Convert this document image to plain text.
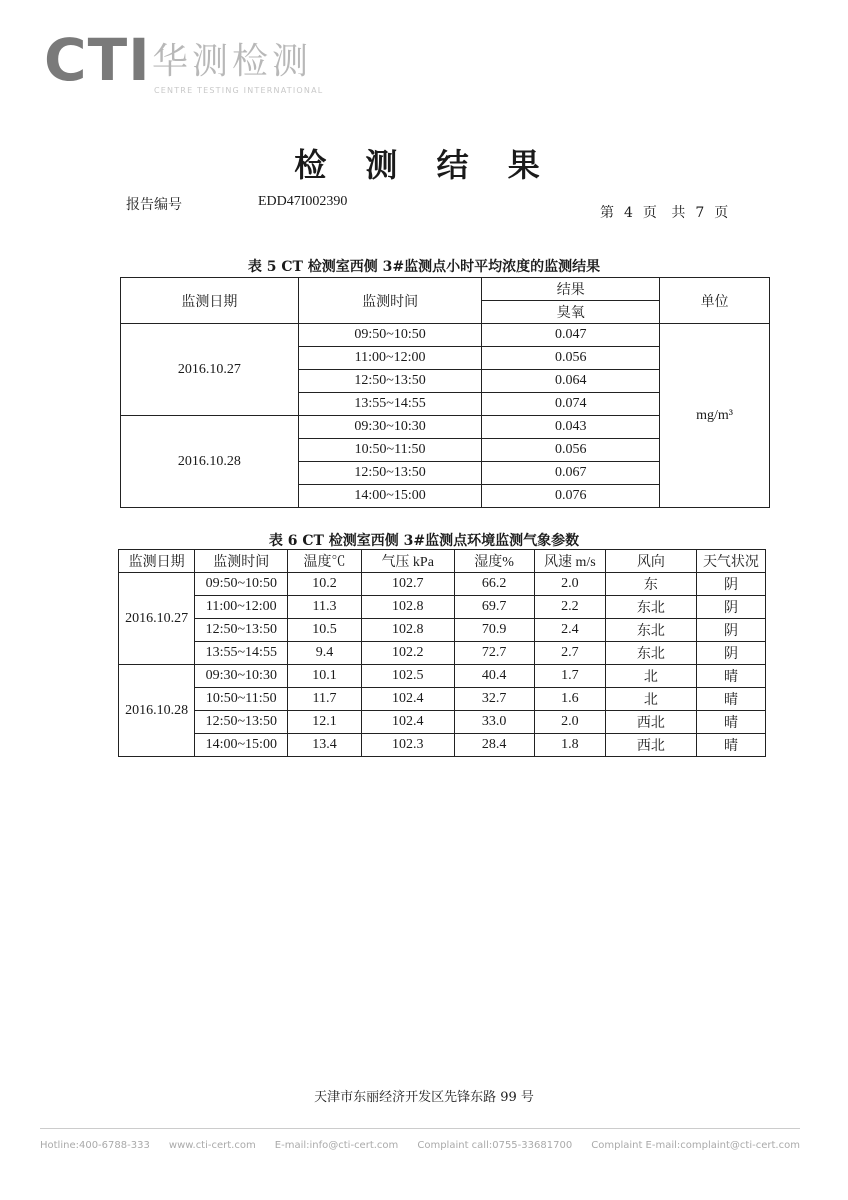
CTI 华测检测
CENTRE TESTING INTERNATIONAL
检 测 结 果
报告编号	EDD47I002390
第 4 页 共 7 页
表 5 CT 检测室西侧 3#监测点小时平均浓度的监测结果
监测日期	监测时间	结果	单位
		臭氧	
2016.10.27	09:50~10:50	0.047	mg/m³
	11:00~12:00	0.056	
	12:50~13:50	0.064	
	13:55~14:55	0.074	
2016.10.28	09:30~10:30	0.043	
	10:50~11:50	0.056	
	12:50~13:50	0.067	
	14:00~15:00	0.076	
表 6 CT 检测室西侧 3#监测点环境监测气象参数
监测日期	监测时间	温度℃	气压 kPa	湿度%	风速 m/s	风向	天气状况
2016.10.27	09:50~10:50	10.2	102.7	66.2	2.0	东	阴
	11:00~12:00	11.3	102.8	69.7	2.2	东北	阴
	12:50~13:50	10.5	102.8	70.9	2.4	东北	阴
	13:55~14:55	9.4	102.2	72.7	2.7	东北	阴
2016.10.28	09:30~10:30	10.1	102.5	40.4	1.7	北	晴
	10:50~11:50	11.7	102.4	32.7	1.6	北	晴
	12:50~13:50	12.1	102.4	33.0	2.0	西北	晴
	14:00~15:00	13.4	102.3	28.4	1.8	西北	晴
天津市东丽经济开发区先锋东路 99 号
Hotline:400-6788-333 www.cti-cert.com E-mail:info@cti-cert.com Complaint call:0755-33681700 Complaint E-mail:complaint@cti-cert.com
